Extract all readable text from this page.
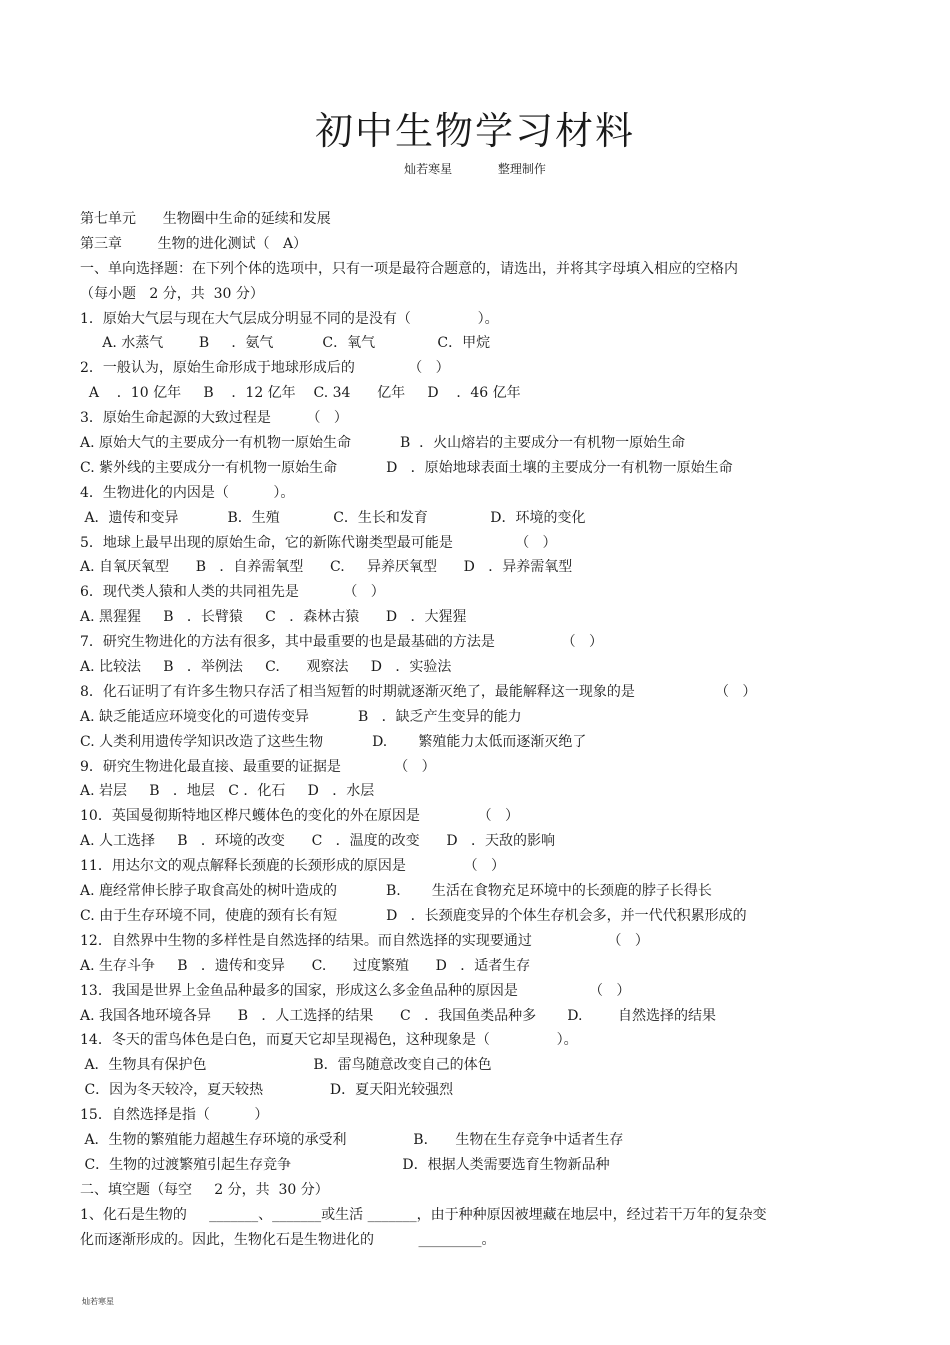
初中生物学习材料
灿若寒星	整理制作
第七单元      生物圈中生命的延续和发展
第三章        生物的进化测试（   A）
一、单向选择题：在下列个体的选项中，只有一项是最符合题意的，请选出，并将其字母填入相应的空格内
（每小题   2 分，共  30 分）
1．原始大气层与现在大气层成分明显不同的是没有（               ）。
A. 水蒸气        B     ．氨气           C．氧气              C．甲烷
2．一般认为，原始生命形成于地球形成后的            （   ）
A    ．10 亿年     B    ．12 亿年    C. 34      亿年     D    ．46 亿年
3．原始生命起源的大致过程是        （   ）
A. 原始大气的主要成分一有机物一原始生命           B  ．火山熔岩的主要成分一有机物一原始生命
C. 紫外线的主要成分一有机物一原始生命           D   ．原始地球表面土壤的主要成分一有机物一原始生命
4．生物进化的内因是（          ）。
A．遗传和变异           B．生殖            C．生长和发育              D．环境的变化
5．地球上最早出现的原始生命，它的新陈代谢类型最可能是              （   ）
A. 自氧厌氧型      B   ．自养需氧型      C.     异养厌氧型      D   ．异养需氧型
6．现代类人猿和人类的共同祖先是          （   ）
A. 黑猩猩     B   ．长臂猿     C   ．森林古猿      D   ．大猩猩
7．研究生物进化的方法有很多，其中最重要的也是最基础的方法是               （   ）
A. 比较法     B   ．举例法     C.      观察法     D   ．实验法
8．化石证明了有许多生物只存活了相当短暂的时期就逐渐灭绝了，最能解释这一现象的是                  （   ）
A. 缺乏能适应环境变化的可遗传变异           B   ．缺乏产生变异的能力
C. 人类利用遗传学知识改造了这些生物           D.       繁殖能力太低而逐渐灭绝了
9．研究生物进化最直接、最重要的证据是            （   ）
A. 岩层     B   ．地层   C ．化石     D   ．水层
10．英国曼彻斯特地区桦尺蠖体色的变化的外在原因是             （   ）
A. 人工选择     B   ．环境的改变      C   ．温度的改变      D   ．天敌的影响
11．用达尔文的观点解释长颈鹿的长颈形成的原因是             （   ）
A. 鹿经常伸长脖子取食高处的树叶造成的           B.       生活在食物充足环境中的长颈鹿的脖子长得长
C. 由于生存环境不同，使鹿的颈有长有短           D   ．长颈鹿变异的个体生存机会多，并一代代积累形成的
12．自然界中生物的多样性是自然选择的结果。而自然选择的实现要通过                 （   ）
A. 生存斗争     B   ．遗传和变异      C.      过度繁殖      D   ．适者生存
13．我国是世界上金鱼品种最多的国家，形成这么多金鱼品种的原因是                （   ）
A. 我国各地环境各异      B   ．人工选择的结果      C   ．我国鱼类品种多       D.        自然选择的结果
14．冬天的雷鸟体色是白色，而夏天它却呈现褐色，这种现象是（               ）。
A．生物具有保护色                        B．雷鸟随意改变自己的体色
C．因为冬天较冷，夏天较热               D．夏天阳光较强烈
15．自然选择是指（          ）
A．生物的繁殖能力超越生存环境的承受利               B．    生物在生存竞争中适者生存
C．生物的过渡繁殖引起生存竞争                         D．根据人类需要选育生物新品种
二、填空题（每空     2 分，共  30 分）
1、化石是生物的     _______、_______或生活 _______，由于种种原因被埋藏在地层中，经过若干万年的复杂变
化而逐渐形成的。因此，生物化石是生物进化的          _________。
灿若寒星
